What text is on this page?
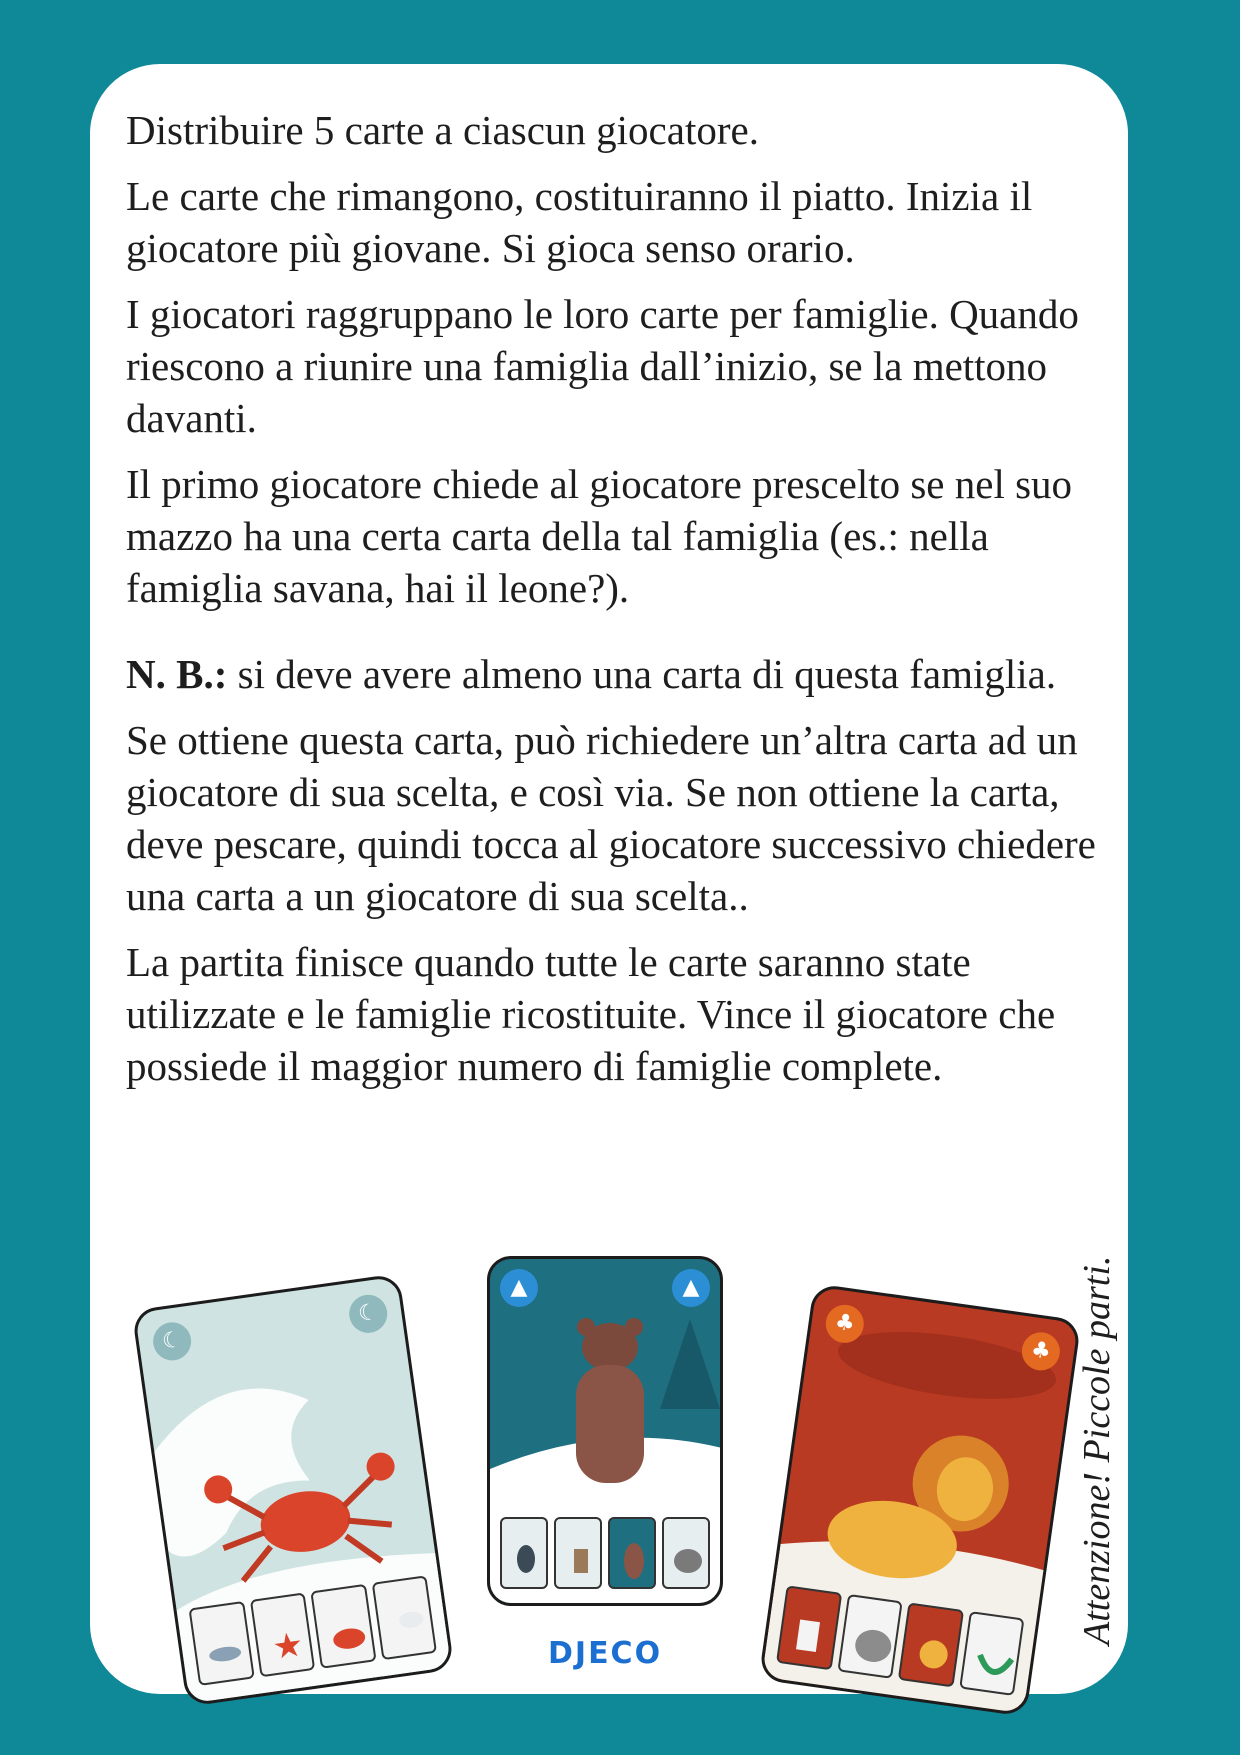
Distribuire 5 carte a ciascun giocatore.

Le carte che rimangono, costituiranno il piatto. Inizia il giocatore più giovane. Si gioca senso orario.

I giocatori raggruppano le loro carte per famiglie. Quando riescono a riunire una famiglia dall’inizio, se la mettono davanti.

Il primo giocatore chiede al giocatore prescelto se nel suo mazzo ha una certa carta della tal famiglia (es.: nella famiglia savana, hai il leone?).

N. B.: si deve avere almeno una carta di questa famiglia.

Se ottiene questa carta, può richiedere un’altra carta ad un giocatore di sua scelta, e così via. Se non ottiene la carta, deve pescare, quindi tocca al giocatore successivo chiedere una carta a un giocatore di sua scelta..

La partita finisce quando tutte le carte saranno state utilizzate e le famiglie ricostituite. Vince il giocatore che possiede il maggior numero di famiglie complete.

☾
☾
★
▲	▲
♣
♣
DJECO
Attenzione! Piccole parti.
